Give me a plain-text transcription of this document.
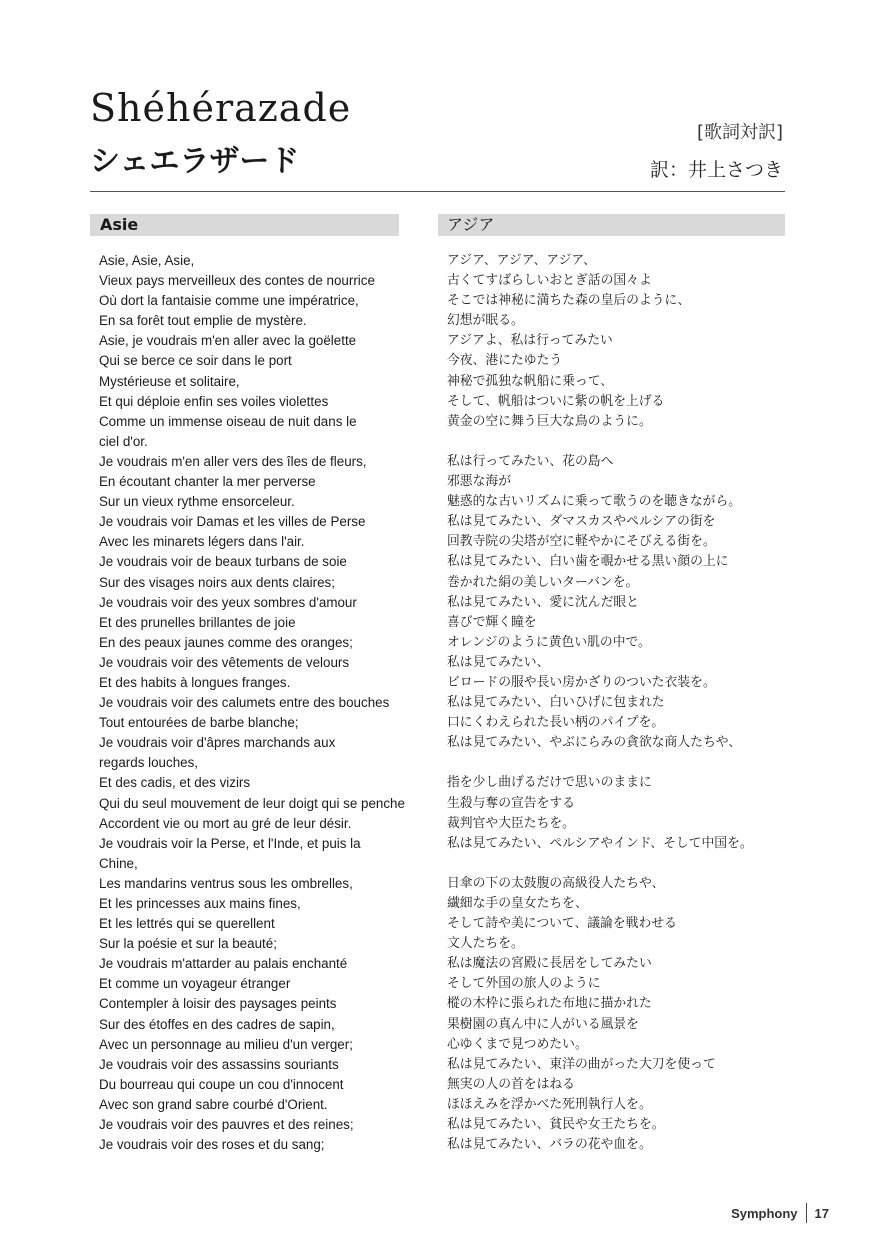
Shéhérazade
シェエラザード
[歌詞対訳]
訳：井上さつき
Asie	アジア
Asie, Asie, Asie,
Vieux pays merveilleux des contes de nourrice
Où dort la fantaisie comme une impératrice,
En sa forêt tout emplie de mystère.
Asie, je voudrais m'en aller avec la goëlette
Qui se berce ce soir dans le port
Mystérieuse et solitaire,
Et qui déploie enfin ses voiles violettes
Comme un immense oiseau de nuit dans le
ciel d'or.
Je voudrais m'en aller vers des îles de fleurs,
En écoutant chanter la mer perverse
Sur un vieux rythme ensorceleur.
Je voudrais voir Damas et les villes de Perse
Avec les minarets légers dans l'air.
Je voudrais voir de beaux turbans de soie
Sur des visages noirs aux dents claires;
Je voudrais voir des yeux sombres d'amour
Et des prunelles brillantes de joie
En des peaux jaunes comme des oranges;
Je voudrais voir des vêtements de velours
Et des habits à longues franges.
Je voudrais voir des calumets entre des bouches
Tout entourées de barbe blanche;
Je voudrais voir d'âpres marchands aux
regards louches,
Et des cadis, et des vizirs
Qui du seul mouvement de leur doigt qui se penche
Accordent vie ou mort au gré de leur désir.
Je voudrais voir la Perse, et l'Inde, et puis la
Chine,
Les mandarins ventrus sous les ombrelles,
Et les princesses aux mains fines,
Et les lettrés qui se querellent
Sur la poésie et sur la beauté;
Je voudrais m'attarder au palais enchanté
Et comme un voyageur étranger
Contempler à loisir des paysages peints
Sur des étoffes en des cadres de sapin,
Avec un personnage au milieu d'un verger;
Je voudrais voir des assassins souriants
Du bourreau qui coupe un cou d'innocent
Avec son grand sabre courbé d'Orient.
Je voudrais voir des pauvres et des reines;
Je voudrais voir des roses et du sang;
アジア、アジア、アジア、
古くてすばらしいおとぎ話の国々よ
そこでは神秘に満ちた森の皇后のように、
幻想が眠る。
アジアよ、私は行ってみたい
今夜、港にたゆたう
神秘で孤独な帆船に乗って、
そして、帆船はついに紫の帆を上げる
黄金の空に舞う巨大な鳥のように。
私は行ってみたい、花の島へ
邪悪な海が
魅惑的な古いリズムに乗って歌うのを聴きながら。
私は見てみたい、ダマスカスやペルシアの街を
回教寺院の尖塔が空に軽やかにそびえる街を。
私は見てみたい、白い歯を覗かせる黒い顔の上に
巻かれた絹の美しいターバンを。
私は見てみたい、愛に沈んだ眼と
喜びで輝く瞳を
オレンジのように黄色い肌の中で。
私は見てみたい、
ビロードの服や長い房かざりのついた衣装を。
私は見てみたい、白いひげに包まれた
口にくわえられた長い柄のパイプを。
私は見てみたい、やぶにらみの貪欲な商人たちや、
指を少し曲げるだけで思いのままに
生殺与奪の宣告をする
裁判官や大臣たちを。
私は見てみたい、ペルシアやインド、そして中国を。
日傘の下の太鼓腹の高級役人たちや、
繊細な手の皇女たちを、
そして詩や美について、議論を戦わせる
文人たちを。
私は魔法の宮殿に長居をしてみたい
そして外国の旅人のように
樅の木枠に張られた布地に描かれた
果樹園の真ん中に人がいる風景を
心ゆくまで見つめたい。
私は見てみたい、東洋の曲がった大刀を使って
無実の人の首をはねる
ほほえみを浮かべた死刑執行人を。
私は見てみたい、貧民や女王たちを。
私は見てみたい、バラの花や血を。
Symphony 17
